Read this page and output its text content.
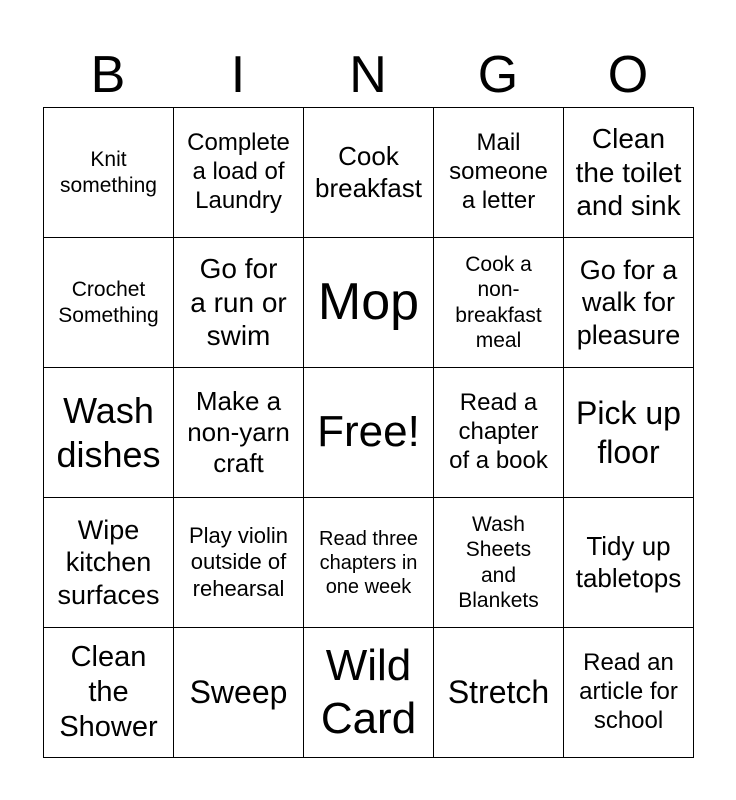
B	I	N	G	O
Knit
something	Complete
a load of
Laundry	Cook
breakfast	Mail
someone
a letter	Clean
the toilet
and sink

Crochet
Something	Go for
a run or
swim	Mop	Cook a
non-
breakfast
meal	Go for a
walk for
pleasure

Wash
dishes	Make a
non-yarn
craft	Free!	Read a
chapter
of a book	Pick up
floor

Wipe
kitchen
surfaces	Play violin
outside of
rehearsal	Read three
chapters in
one week	Wash
Sheets
and
Blankets	Tidy up
tabletops

Clean
the
Shower	Sweep	Wild
Card	Stretch	Read an
article for
school
